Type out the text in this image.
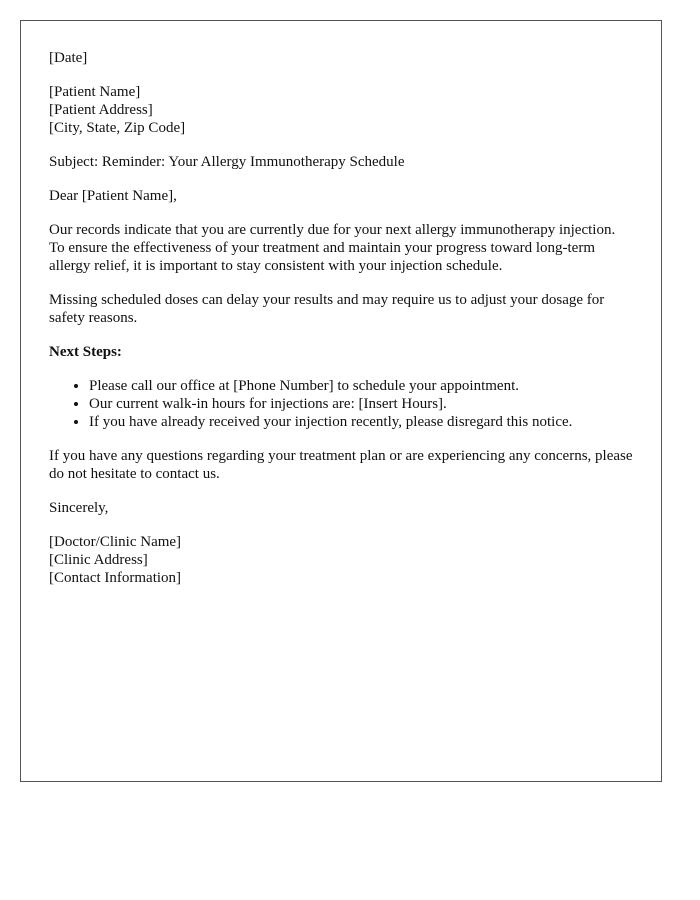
[Date]
[Patient Name]
[Patient Address]
[City, State, Zip Code]

Subject: Reminder: Your Allergy Immunotherapy Schedule

Dear [Patient Name],

Our records indicate that you are currently due for your next allergy immunotherapy injection. To ensure the effectiveness of your treatment and maintain your progress toward long-term allergy relief, it is important to stay consistent with your injection schedule.

Missing scheduled doses can delay your results and may require us to adjust your dosage for safety reasons.

Next Steps:
• Please call our office at [Phone Number] to schedule your appointment.
• Our current walk-in hours for injections are: [Insert Hours].
• If you have already received your injection recently, please disregard this notice.

If you have any questions regarding your treatment plan or are experiencing any concerns, please do not hesitate to contact us.

Sincerely,

[Doctor/Clinic Name]
[Clinic Address]
[Contact Information]
